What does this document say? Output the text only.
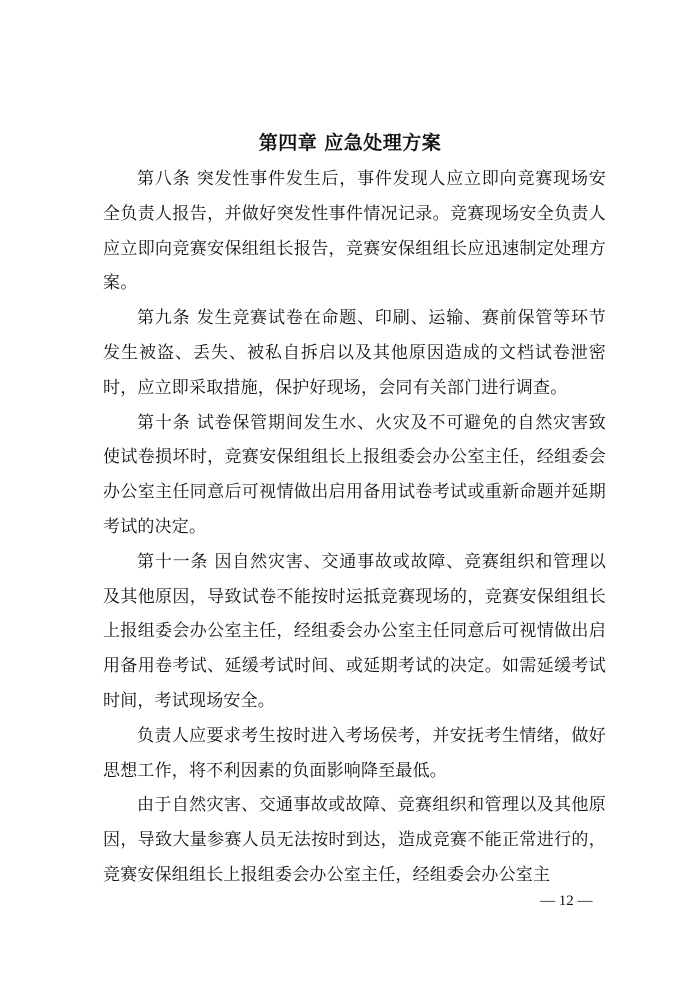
第四章 应急处理方案

第八条 突发性事件发生后，事件发现人应立即向竞赛现场安全负责人报告，并做好突发性事件情况记录。竞赛现场安全负责人应立即向竞赛安保组组长报告，竞赛安保组组长应迅速制定处理方案。

第九条 发生竞赛试卷在命题、印刷、运输、赛前保管等环节发生被盗、丢失、被私自拆启以及其他原因造成的文档试卷泄密时，应立即采取措施，保护好现场，会同有关部门进行调查。

第十条 试卷保管期间发生水、火灾及不可避免的自然灾害致使试卷损坏时，竞赛安保组组长上报组委会办公室主任，经组委会办公室主任同意后可视情做出启用备用试卷考试或重新命题并延期考试的决定。

第十一条 因自然灾害、交通事故或故障、竞赛组织和管理以及其他原因，导致试卷不能按时运抵竞赛现场的，竞赛安保组组长上报组委会办公室主任，经组委会办公室主任同意后可视情做出启用备用卷考试、延缓考试时间、或延期考试的决定。如需延缓考试时间，考试现场安全。

负责人应要求考生按时进入考场侯考，并安抚考生情绪，做好思想工作，将不利因素的负面影响降至最低。

由于自然灾害、交通事故或故障、竞赛组织和管理以及其他原因，导致大量参赛人员无法按时到达，造成竞赛不能正常进行的，竞赛安保组组长上报组委会办公室主任，经组委会办公室主

— 12 —
